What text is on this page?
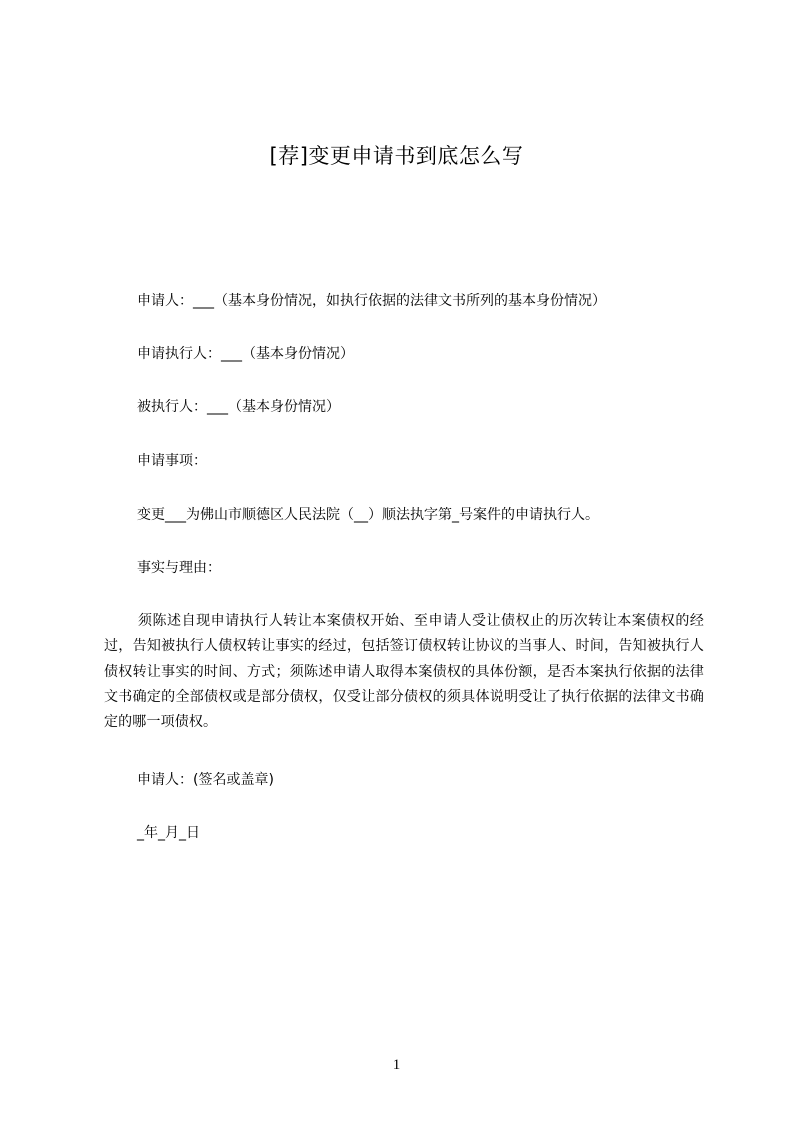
[荐]变更申请书到底怎么写
申请人：___（基本身份情况，如执行依据的法律文书所列的基本身份情况）
申请执行人：___（基本身份情况）
被执行人：___（基本身份情况）
申请事项：
变更___为佛山市顺德区人民法院（__）顺法执字第_号案件的申请执行人。
事实与理由：
须陈述自现申请执行人转让本案债权开始、至申请人受让债权止的历次转让本案债权的经过，告知被执行人债权转让事实的经过，包括签订债权转让协议的当事人、时间，告知被执行人债权转让事实的时间、方式；须陈述申请人取得本案债权的具体份额，是否本案执行依据的法律文书确定的全部债权或是部分债权，仅受让部分债权的须具体说明受让了执行依据的法律文书确定的哪一项债权。
申请人：(签名或盖章)
_年_月_日
1
